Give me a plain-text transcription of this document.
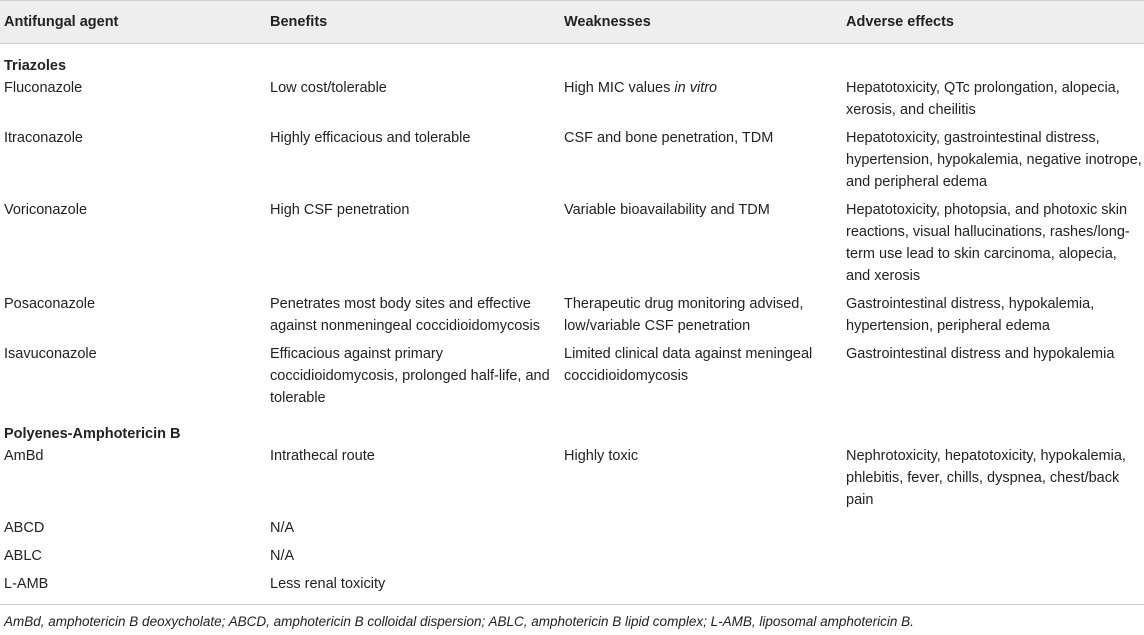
Antifungal agent	Benefits	Weaknesses	Adverse effects
Triazoles			
Fluconazole	Low cost/tolerable	High MIC values in vitro	Hepatotoxicity, QTc prolongation, alopecia, xerosis, and cheilitis
Itraconazole	Highly efficacious and tolerable	CSF and bone penetration, TDM	Hepatotoxicity, gastrointestinal distress, hypertension, hypokalemia, negative inotrope, and peripheral edema
Voriconazole	High CSF penetration	Variable bioavailability and TDM	Hepatotoxicity, photopsia, and photoxic skin reactions, visual hallucinations, rashes/long-term use lead to skin carcinoma, alopecia, and xerosis
Posaconazole	Penetrates most body sites and effective against nonmeningeal coccidioidomycosis	Therapeutic drug monitoring advised, low/variable CSF penetration	Gastrointestinal distress, hypokalemia, hypertension, peripheral edema
Isavuconazole	Efficacious against primary coccidioidomycosis, prolonged half-life, and tolerable	Limited clinical data against meningeal coccidioidomycosis	Gastrointestinal distress and hypokalemia
Polyenes-Amphotericin B			
AmBd	Intrathecal route	Highly toxic	Nephrotoxicity, hepatotoxicity, hypokalemia, phlebitis, fever, chills, dyspnea, chest/back pain
ABCD	N/A		
ABLC	N/A		
L-AMB	Less renal toxicity		
AmBd, amphotericin B deoxycholate; ABCD, amphotericin B colloidal dispersion; ABLC, amphotericin B lipid complex; L-AMB, liposomal amphotericin B.
